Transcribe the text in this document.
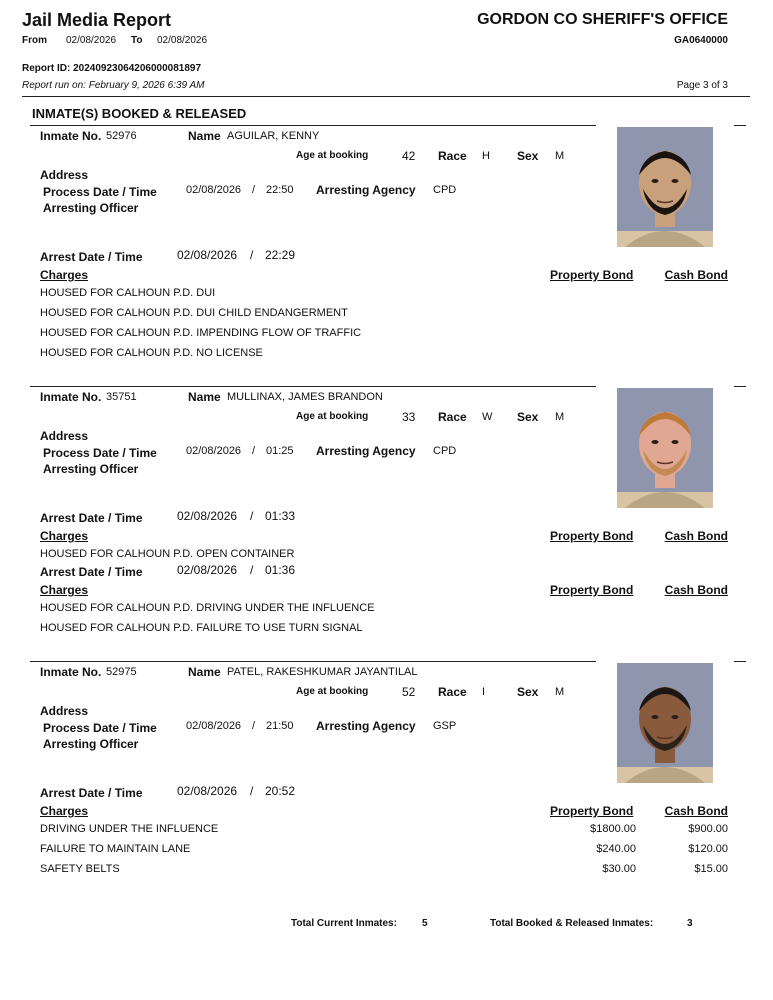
Jail Media Report	GORDON CO SHERIFF'S OFFICE
From 02/08/2026 To 02/08/2026	GA0640000
Report ID: 20240923064206000081897
Report run on: February 9, 2026 6:39 AM	Page 3 of 3
INMATE(S) BOOKED & RELEASED
Inmate No. 52976	Name AGUILAR, KENNY
Age at booking	42 Race H Sex M
Address
Process Date / Time	02/08/2026 / 22:50 Arresting Agency CPD
Arresting Officer
Arrest Date / Time	02/08/2026 / 22:29
Charges	Property Bond	Cash Bond
HOUSED FOR CALHOUN P.D. DUI
HOUSED FOR CALHOUN P.D. DUI CHILD ENDANGERMENT
HOUSED FOR CALHOUN P.D. IMPENDING FLOW OF TRAFFIC
HOUSED FOR CALHOUN P.D. NO LICENSE
Inmate No. 35751	Name MULLINAX, JAMES BRANDON
Age at booking	33 Race W Sex M
Address
Process Date / Time	02/08/2026 / 01:25 Arresting Agency CPD
Arresting Officer
Arrest Date / Time	02/08/2026 / 01:33
Charges	Property Bond	Cash Bond
HOUSED FOR CALHOUN P.D. OPEN CONTAINER
Arrest Date / Time	02/08/2026 / 01:36
Charges	Property Bond	Cash Bond
HOUSED FOR CALHOUN P.D. DRIVING UNDER THE INFLUENCE
HOUSED FOR CALHOUN P.D. FAILURE TO USE TURN SIGNAL
Inmate No. 52975	Name PATEL, RAKESHKUMAR JAYANTILAL
Age at booking	52 Race I	Sex M
Address
Process Date / Time	02/08/2026 / 21:50 Arresting Agency GSP
Arresting Officer
Arrest Date / Time	02/08/2026 / 20:52
Charges	Property Bond	Cash Bond
DRIVING UNDER THE INFLUENCE	$1800.00	$900.00
FAILURE TO MAINTAIN LANE	$240.00	$120.00
SAFETY BELTS	$30.00	$15.00
Total Current Inmates:	5	Total Booked & Released Inmates:	3
